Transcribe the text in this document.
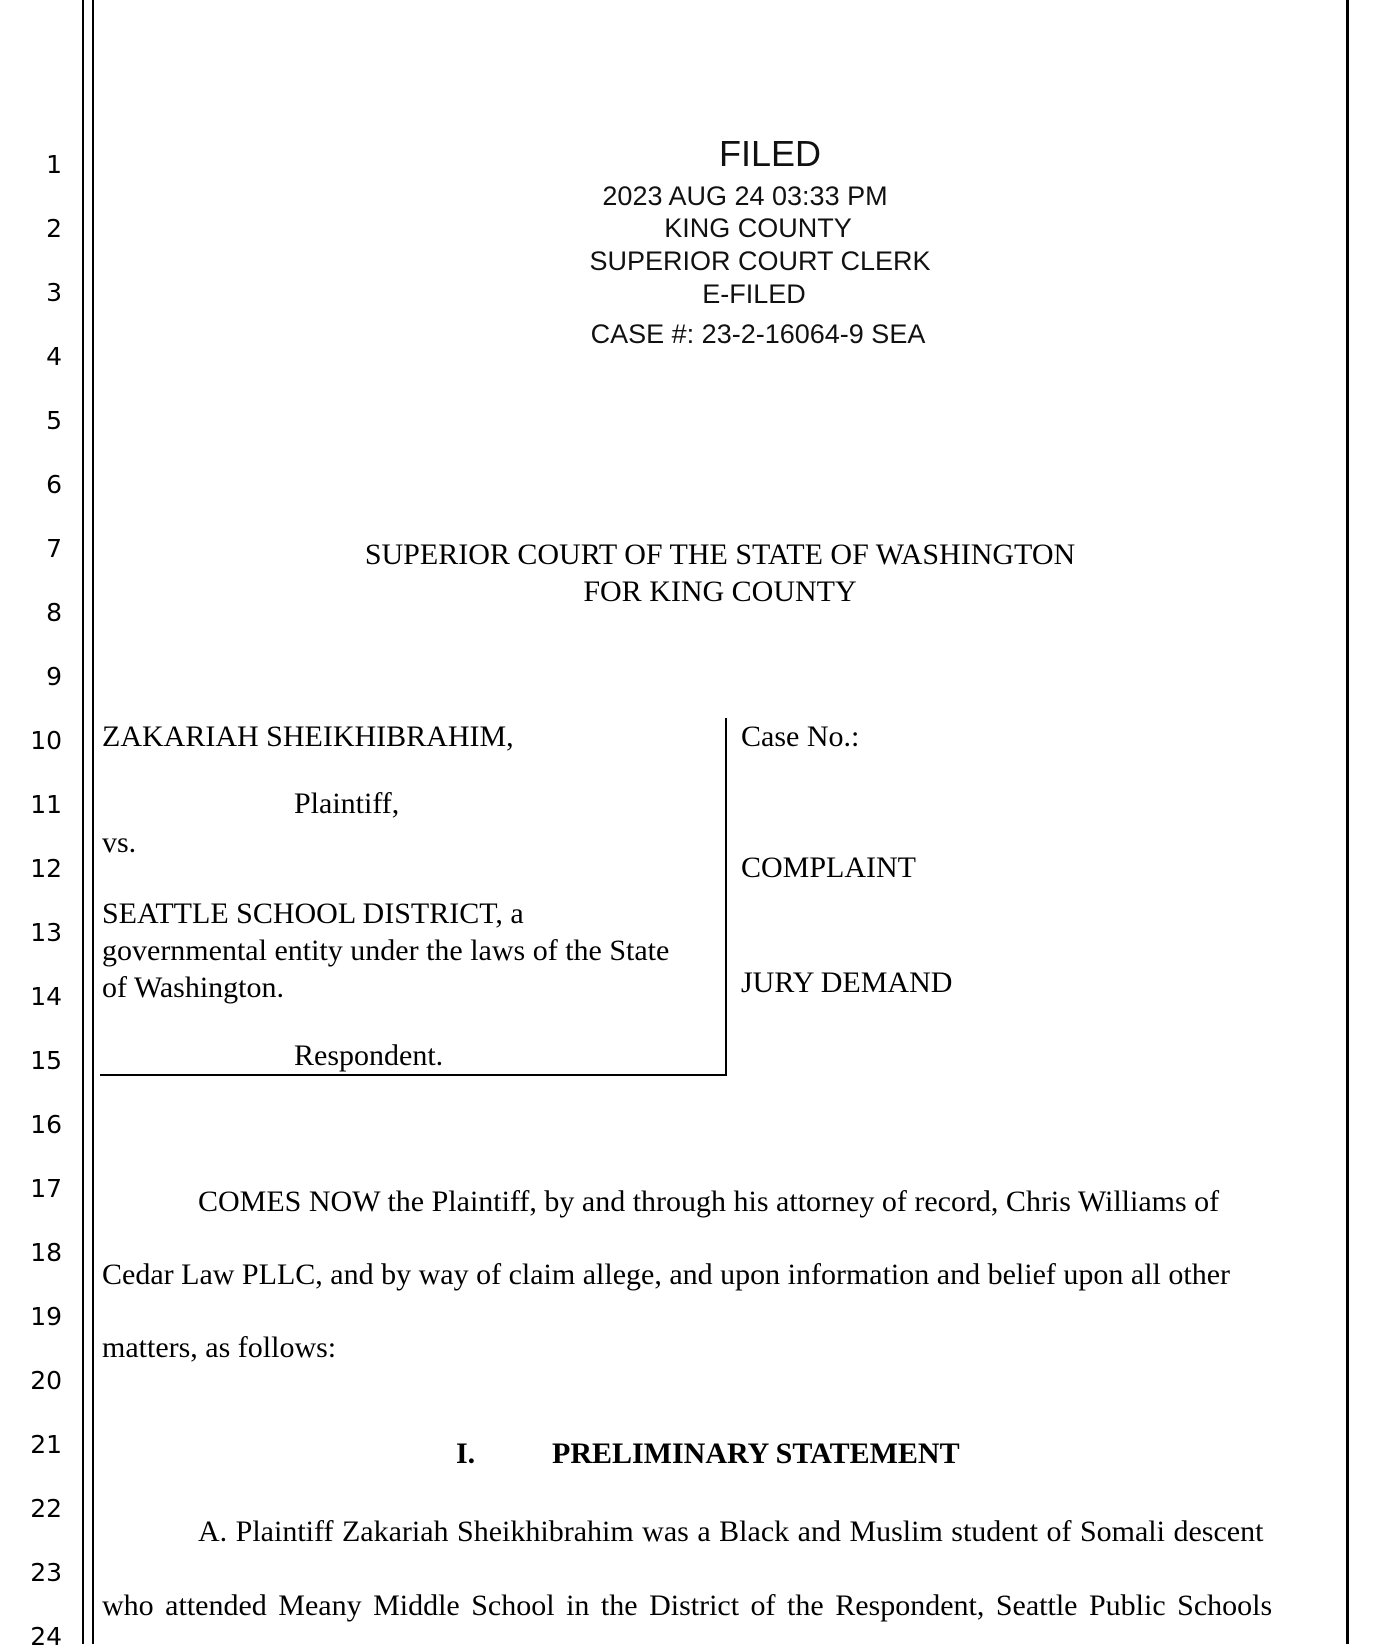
1
2
3
4
5
6
7
8
9
10
11
12
13
14
15
16
17
18
19
20
21
22
23
24
FILED
2023 AUG 24 03:33 PM
KING COUNTY
SUPERIOR COURT CLERK
E-FILED
CASE #: 23-2-16064-9 SEA
SUPERIOR COURT OF THE STATE OF WASHINGTON
FOR KING COUNTY
ZAKARIAH SHEIKHIBRAHIM,
Plaintiff,
vs.
SEATTLE SCHOOL DISTRICT, a
governmental entity under the laws of the State
of Washington.
Respondent.
Case No.:
COMPLAINT
JURY DEMAND
COMES NOW the Plaintiff, by and through his attorney of record, Chris Williams of
Cedar Law PLLC, and by way of claim allege, and upon information and belief upon all other
matters, as follows:
I.	PRELIMINARY STATEMENT
A. Plaintiff Zakariah Sheikhibrahim was a Black and Muslim student of Somali descent
who attended Meany Middle School in the District of the Respondent, Seattle Public Schools
